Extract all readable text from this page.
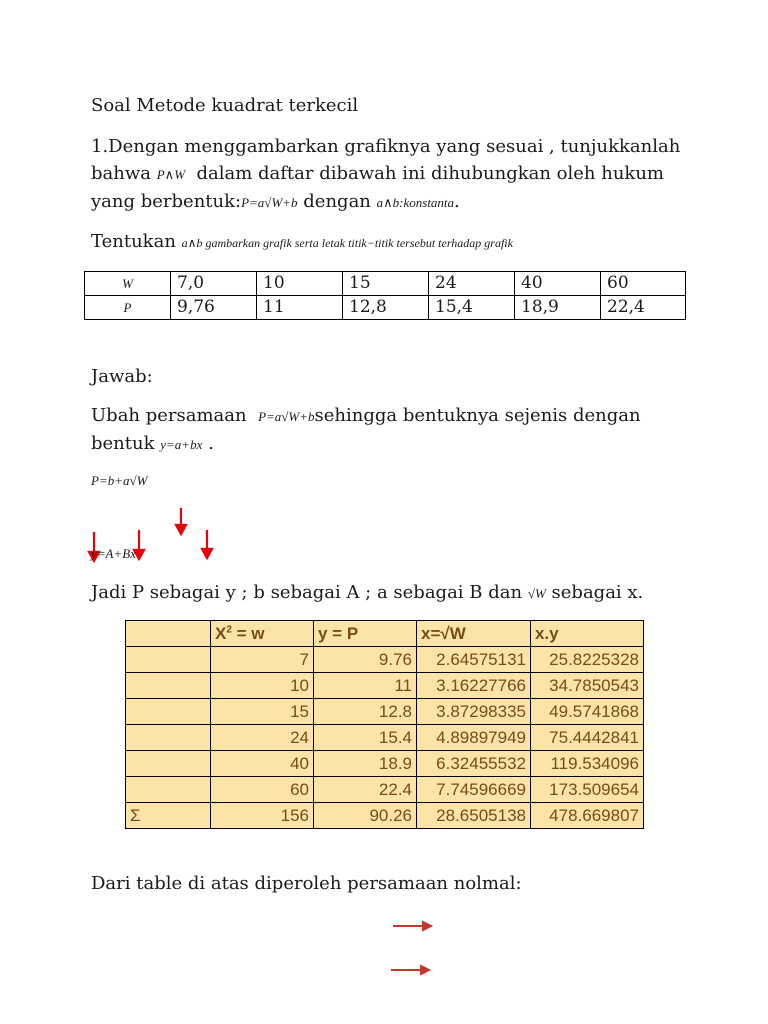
Soal Metode kuadrat terkecil
1.Dengan menggambarkan grafiknya yang sesuai , tunjukkanlah
bahwa P∧W dalam daftar dibawah ini dihubungkan oleh hukum
yang berbentuk:P=a√W+b dengan a∧b:konstanta.
Tentukan a∧b gambarkan grafik serta letak titik−titik tersebut terhadap grafik
W	7,0	10	15	24	40	60
P	9,76	11	12,8	15,4	18,9	22,4
Jawab:
Ubah persamaan P=a√W+bsehingga bentuknya sejenis dengan
bentuk y=a+bx .
P=b+a√W
y=A+Bx
Jadi P sebagai y ; b sebagai A ; a sebagai B dan √W sebagai x.
	$X^2 = w$	y = P	x=√W	x.y
	7	9.76	2.64575131	25.8225328
	10	11	3.16227766	34.7850543
	15	12.8	3.87298335	49.5741868
	24	15.4	4.89897949	75.4442841
	40	18.9	6.32455532	119.534096
	60	22.4	7.74596669	173.509654
Σ	156	90.26	28.6505138	478.669807
Dari table di atas diperoleh persamaan nolmal:
